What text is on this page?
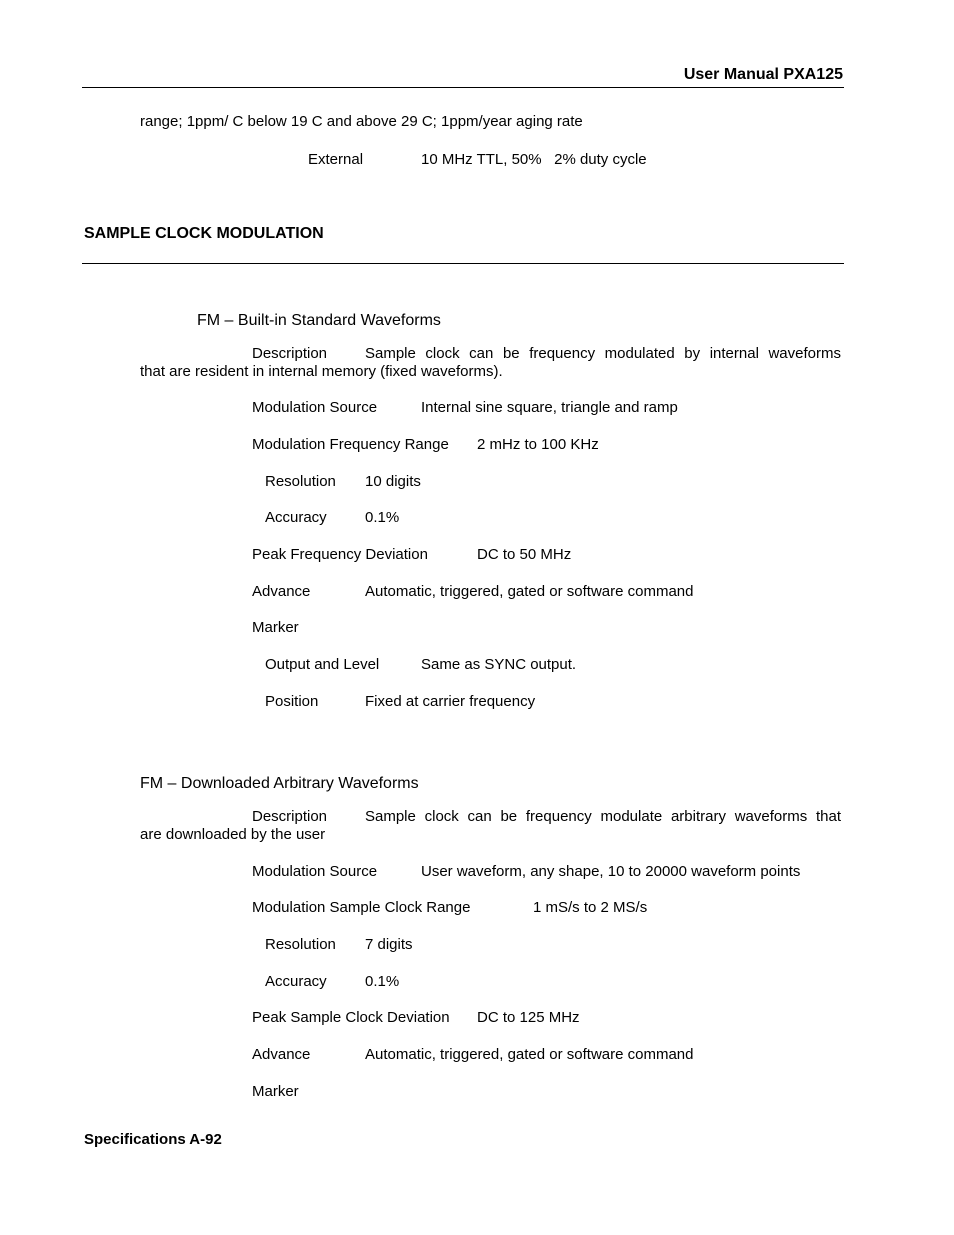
User Manual PXA125
range; 1ppm/ C below 19 C and above 29 C; 1ppm/year aging rate
External	10 MHz TTL, 50%   2% duty cycle
SAMPLE CLOCK MODULATION
FM – Built-in Standard Waveforms
Description	Sample clock can be frequency modulated by internal waveforms
that are resident in internal memory (fixed waveforms).
Modulation Source	Internal sine square, triangle and ramp
Modulation Frequency Range 2 mHz to 100 KHz
Resolution 10 digits
Accuracy	0.1%
Peak Frequency Deviation	DC to 50 MHz
Advance	Automatic, triggered, gated or software command
Marker
Output and Level	Same as SYNC output.
Position	Fixed at carrier frequency
FM – Downloaded Arbitrary Waveforms
Description	Sample clock can be frequency modulate arbitrary waveforms that
are downloaded by the user
Modulation Source	User waveform, any shape, 10 to 20000 waveform points
Modulation Sample Clock Range	1 mS/s to 2 MS/s
Resolution 7 digits
Accuracy	0.1%
Peak Sample Clock Deviation DC to 125 MHz
Advance	Automatic, triggered, gated or software command
Marker
Specifications A-92
